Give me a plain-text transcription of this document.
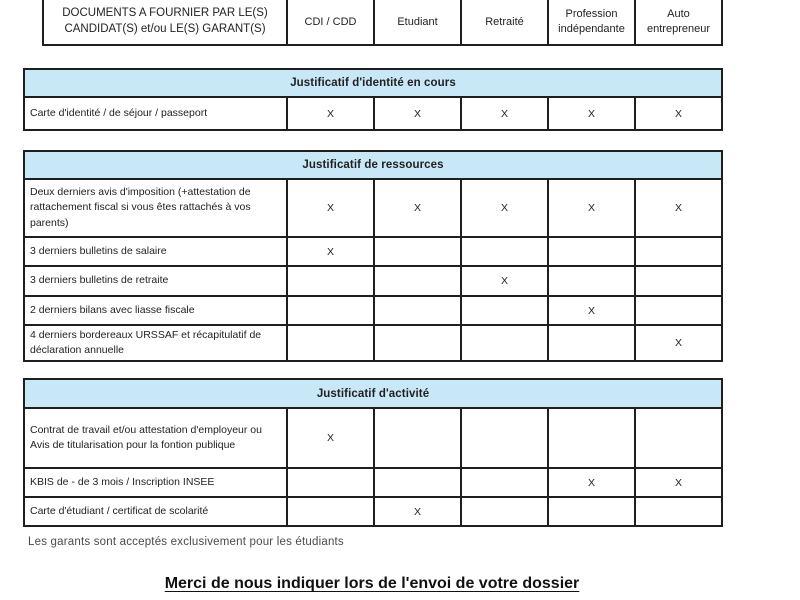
DOCUMENTS A FOURNIER PAR LE(S) CANDIDAT(S) et/ou LE(S) GARANT(S)	CDI / CDD	Etudiant	Retraité	Profession indépendante	Auto entrepreneur
Justificatif d'identité en cours
Carte d'identité / de séjour / passeport	X	X	X	X	X
Justificatif de ressources					
Deux derniers avis d'imposition (+attestation de rattachement fiscal si vous êtes rattachés à vos parents)	X	X	X	X	X
3 derniers bulletins de salaire	X				
3 derniers bulletins de retraite			X		
2 derniers bilans avec liasse fiscale				X	
4 derniers bordereaux URSSAF et récapitulatif de déclaration annuelle					X
Justificatif d'activité					
Contrat de travail et/ou attestation d'employeur ou Avis de titularisation pour la fontion publique	X				
KBIS de - de 3 mois / Inscription INSEE				X	X
Carte d'étudiant / certificat de scolarité		X			
Les garants sont acceptés exclusivement pour les étudiants
Merci de nous indiquer lors de l'envoi de votre dossier
